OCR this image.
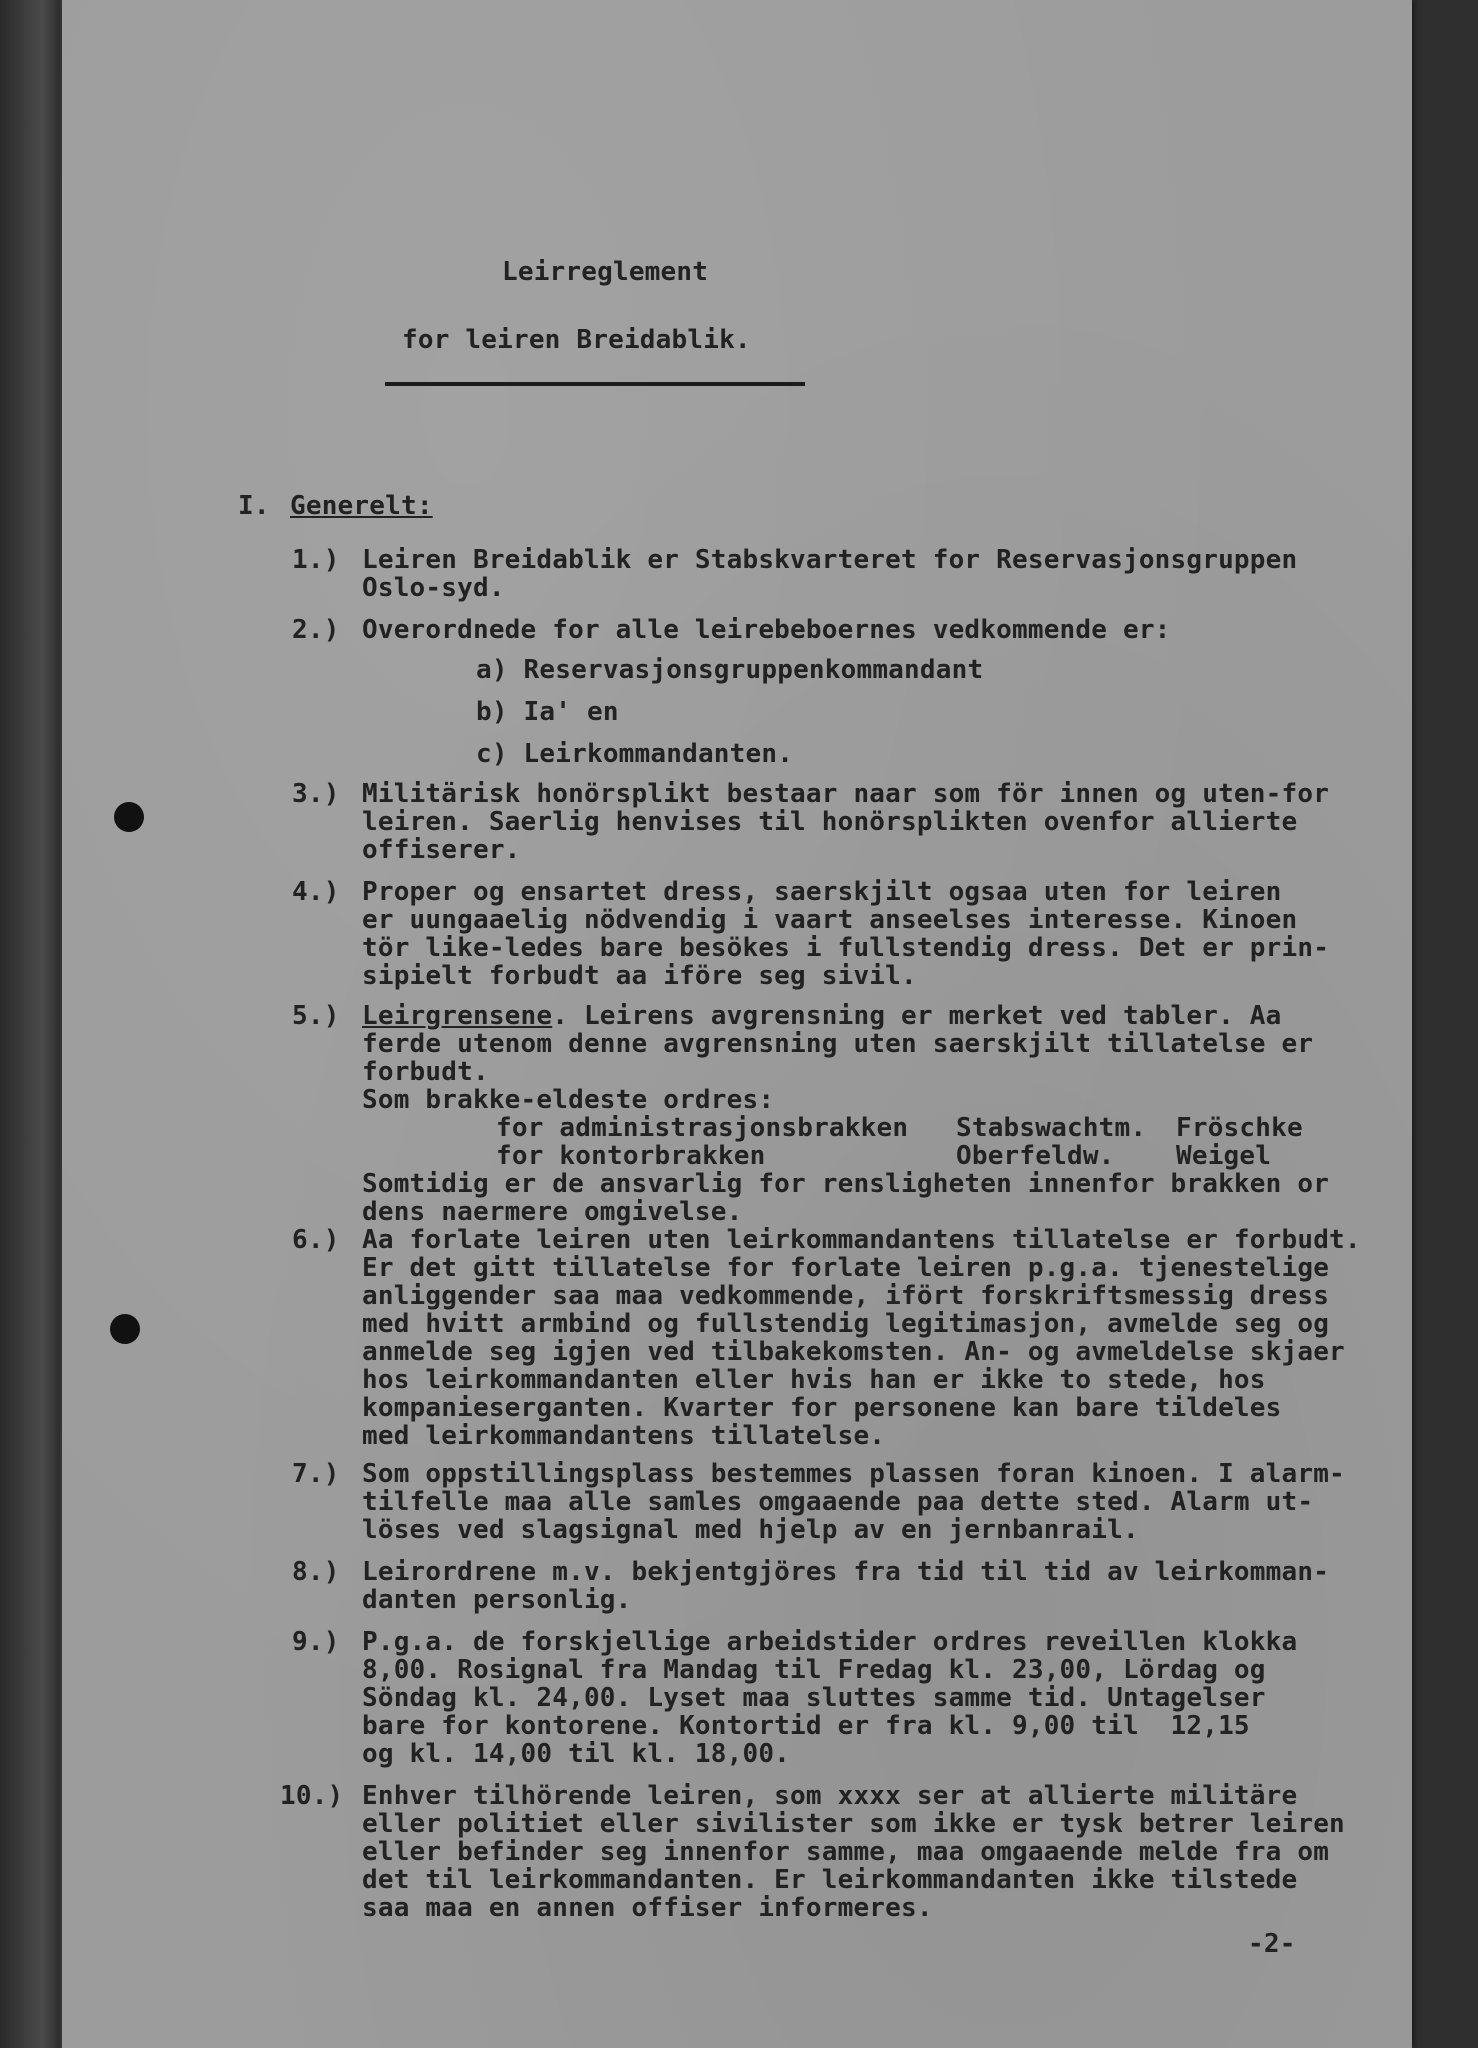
Leirreglement
for leiren Breidablik.
I. Generelt:
1.) Leiren Breidablik er Stabskvarteret for Reservasjonsgruppen
Oslo-syd.
2.) Overordnede for alle leirebeboernes vedkommende er:
a) Reservasjonsgruppenkommandant
b) Ia' en
c) Leirkommandanten.
3.) Militärisk honörsplikt bestaar naar som för innen og uten-for
leiren. Saerlig henvises til honörsplikten ovenfor allierte
offiserer.
4.) Proper og ensartet dress, saerskjilt ogsaa uten for leiren
er uungaaelig nödvendig i vaart anseelses interesse. Kinoen
tör like-ledes bare besökes i fullstendig dress. Det er prin-
sipielt forbudt aa iföre seg sivil.
5.) Leirgrensene. Leirens avgrensning er merket ved tabler. Aa
ferde utenom denne avgrensning uten saerskjilt tillatelse er
forbudt.
Som brakke-eldeste ordres:
for administrasjonsbrakken Stabswachtm. Fröschke
for kontorbrakken	Oberfeldw. Weigel
Somtidig er de ansvarlig for rensligheten innenfor brakken or
dens naermere omgivelse.
6.) Aa forlate leiren uten leirkommandantens tillatelse er forbudt.
Er det gitt tillatelse for forlate leiren p.g.a. tjenestelige
anliggender saa maa vedkommende, ifört forskriftsmessig dress
med hvitt armbind og fullstendig legitimasjon, avmelde seg og
anmelde seg igjen ved tilbakekomsten. An- og avmeldelse skjaer
hos leirkommandanten eller hvis han er ikke to stede, hos
kompanieserganten. Kvarter for personene kan bare tildeles
med leirkommandantens tillatelse.
7.) Som oppstillingsplass bestemmes plassen foran kinoen. I alarm-
tilfelle maa alle samles omgaaende paa dette sted. Alarm ut-
löses ved slagsignal med hjelp av en jernbanrail.
8.) Leirordrene m.v. bekjentgjöres fra tid til tid av leirkomman-
danten personlig.
9.) P.g.a. de forskjellige arbeidstider ordres reveillen klokka
8,00. Rosignal fra Mandag til Fredag kl. 23,00, Lördag og
Söndag kl. 24,00. Lyset maa sluttes samme tid. Untagelser
bare for kontorene. Kontortid er fra kl. 9,00 til  12,15
og kl. 14,00 til kl. 18,00.
10.) Enhver tilhörende leiren, som xxxx ser at allierte militäre
eller politiet eller sivilister som ikke er tysk betrer leiren
eller befinder seg innenfor samme, maa omgaaende melde fra om
det til leirkommandanten. Er leirkommandanten ikke tilstede
saa maa en annen offiser informeres.
-2-
